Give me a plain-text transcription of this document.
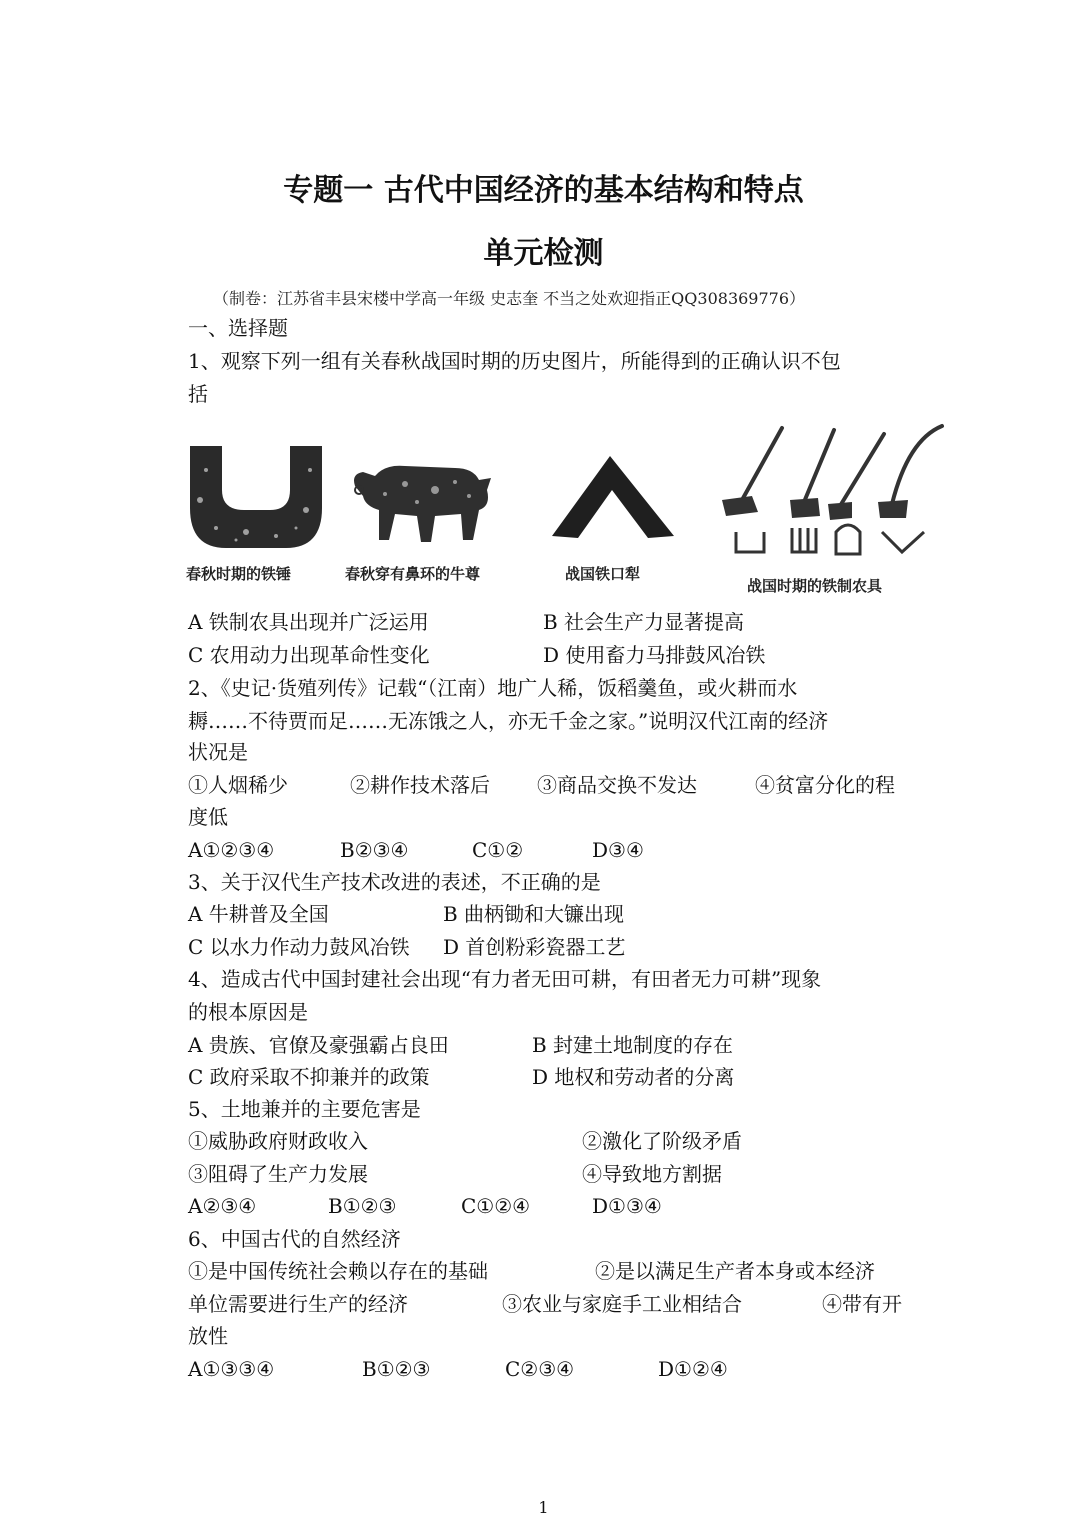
专题一 古代中国经济的基本结构和特点
单元检测
（制卷：江苏省丰县宋楼中学高一年级 史志奎 不当之处欢迎指正QQ308369776）
一、选择题
1、观察下列一组有关春秋战国时期的历史图片，所能得到的正确认识不包
括
春秋时期的铁锤	春秋穿有鼻环的牛尊	战国铁口犁
战国时期的铁制农具
A 铁制农具出现并广泛运用	B 社会生产力显著提高
C 农用动力出现革命性变化	D 使用畜力马排鼓风冶铁
2、《史记·货殖列传》记载“（江南）地广人稀，饭稻羹鱼，或火耕而水
耨……不待贾而足……无冻饿之人，亦无千金之家。”说明汉代江南的经济
状况是
①人烟稀少	②耕作技术落后 ③商品交换不发达	④贫富分化的程
度低
A①②③④	B②③④	C①②	D③④
3、关于汉代生产技术改进的表述，不正确的是
A 牛耕普及全国	B 曲柄锄和大镰出现
C 以水力作动力鼓风冶铁 D 首创粉彩瓷器工艺
4、造成古代中国封建社会出现“有力者无田可耕，有田者无力可耕”现象
的根本原因是
A 贵族、官僚及豪强霸占良田	B 封建土地制度的存在
C 政府采取不抑兼并的政策	D 地权和劳动者的分离
5、土地兼并的主要危害是
①威胁政府财政收入	②激化了阶级矛盾
③阻碍了生产力发展	④导致地方割据
A②③④	B①②③	C①②④	D①③④
6、中国古代的自然经济
①是中国传统社会赖以存在的基础	②是以满足生产者本身或本经济
单位需要进行生产的经济	③农业与家庭手工业相结合	④带有开
放性
A①③③④	B①②③	C②③④	D①②④
1
